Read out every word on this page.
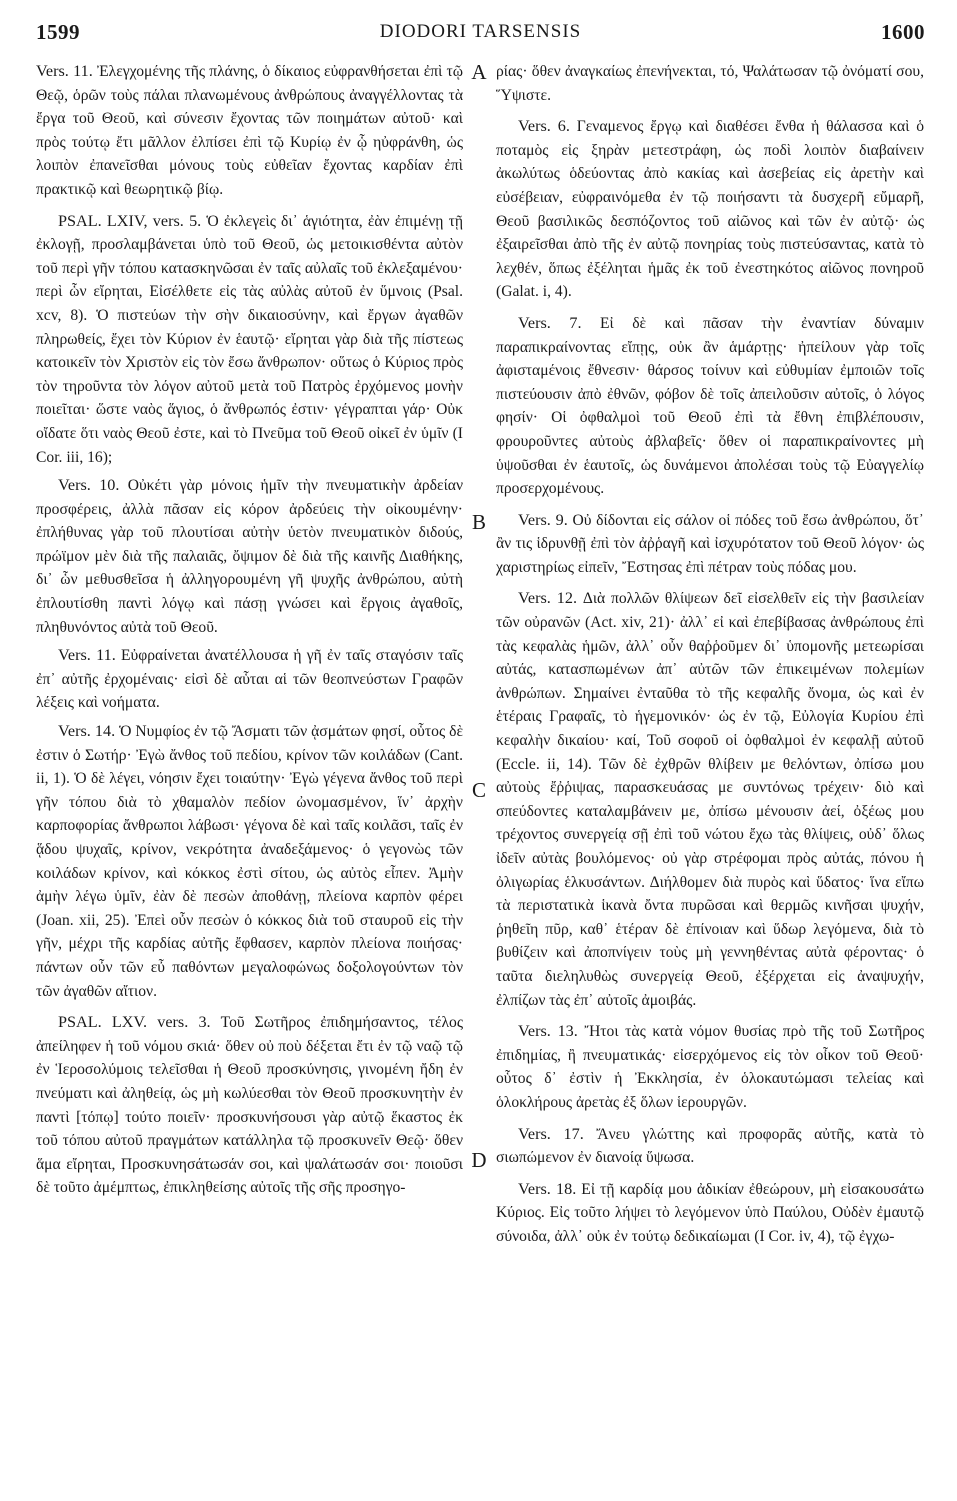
1599	DIODORI TARSENSIS	1600

Vers. 11. Ἐλεγχομένης τῆς πλάνης, ὁ δίκαιος εὐφρανθήσεται ἐπὶ τῷ Θεῷ, ὁρῶν τοὺς πάλαι πλανωμένους ἀνθρώπους ἀναγγέλλοντας τὰ ἔργα τοῦ Θεοῦ, καὶ σύνεσιν ἔχοντας τῶν ποιημάτων αὐτοῦ· καὶ πρὸς τούτῳ ἔτι μᾶλλον ἐλπίσει ἐπὶ τῷ Κυρίῳ ἐν ᾧ ηὐφράνθη, ὡς λοιπὸν ἐπανεῖσθαι μόνους τοὺς εὐθεῖαν ἔχοντας καρδίαν ἐπὶ πρακτικῷ καὶ θεωρητικῷ βίῳ.

PSAL. LXIV, vers. 5. Ὁ ἐκλεγεὶς δι᾽ ἁγιότητα, ἐὰν ἐπιμένῃ τῇ ἐκλογῇ, προσλαμβάνεται ὑπὸ τοῦ Θεοῦ, ὡς μετοικισθέντα αὐτὸν τοῦ περὶ γῆν τόπου κατασκηνῶσαι ἐν ταῖς αὐλαῖς τοῦ ἐκλεξαμένου· περὶ ὧν εἴρηται, Εἰσέλθετε εἰς τὰς αὐλὰς αὐτοῦ ἐν ὕμνοις (Psal. xcv, 8). Ὁ πιστεύων τὴν σὴν δικαιοσύνην, καὶ ἔργων ἀγαθῶν πληρωθείς, ἔχει τὸν Κύριον ἐν ἑαυτῷ· εἴρηται γὰρ διὰ τῆς πίστεως κατοικεῖν τὸν Χριστὸν εἰς τὸν ἔσω ἄνθρωπον· οὕτως ὁ Κύριος πρὸς τὸν τηροῦντα τὸν λόγον αὐτοῦ μετὰ τοῦ Πατρὸς ἐρχόμενος μονὴν ποιεῖται· ὥστε ναὸς ἅγιος, ὁ ἄνθρωπός ἐστιν· γέγραπται γάρ· Οὐκ οἴδατε ὅτι ναὸς Θεοῦ ἐστε, καὶ τὸ Πνεῦμα τοῦ Θεοῦ οἰκεῖ ἐν ὑμῖν (I Cor. iii, 16);

Vers. 10. Οὐκέτι γὰρ μόνοις ἡμῖν τὴν πνευματικὴν ἀρδείαν προσφέρεις, ἀλλὰ πᾶσαν εἰς κόρον ἀρδεύεις τὴν οἰκουμένην· ἐπλήθυνας γὰρ τοῦ πλουτίσαι αὐτὴν ὑετὸν πνευματικὸν διδούς, πρώϊμον μὲν διὰ τῆς παλαιᾶς, ὄψιμον δὲ διὰ τῆς καινῆς Διαθήκης, δι᾽ ὧν μεθυσθεῖσα ἡ ἀλληγορουμένη γῆ ψυχῆς ἀνθρώπου, αὐτὴ ἐπλουτίσθη παντὶ λόγῳ καὶ πάσῃ γνώσει καὶ ἔργοις ἀγαθοῖς, πληθυνόντος αὐτὰ τοῦ Θεοῦ.

Vers. 11. Εὐφραίνεται ἀνατέλλουσα ἡ γῆ ἐν ταῖς σταγόσιν ταῖς ἐπ᾽ αὐτῆς ἐρχομέναις· εἰσὶ δὲ αὗται αἱ τῶν θεοπνεύστων Γραφῶν λέξεις καὶ νοήματα.

Vers. 14. Ὁ Νυμφίος ἐν τῷ Ἄσματι τῶν ᾀσμάτων φησί, οὗτος δὲ ἐστιν ὁ Σωτήρ· Ἐγὼ ἄνθος τοῦ πεδίου, κρίνον τῶν κοιλάδων (Cant. ii, 1). Ὁ δὲ λέγει, νόησιν ἔχει τοιαύτην· Ἐγὼ γέγενα ἄνθος τοῦ περὶ γῆν τόπου διὰ τὸ χθαμαλὸν πεδίον ὠνομασμένον, ἵν᾽ ἀρχὴν καρποφορίας ἄνθρωποι λάβωσι· γέγονα δὲ καὶ ταῖς κοιλᾶσι, ταῖς ἐν ᾅδου ψυχαῖς, κρίνον, νεκρότητα ἀναδεξάμενος· ὁ γεγονὼς τῶν κοιλάδων κρίνον, καὶ κόκκος ἐστὶ σίτου, ὡς αὐτὸς εἶπεν. Ἀμὴν ἀμὴν λέγω ὑμῖν, ἐὰν δὲ πεσὼν ἀποθάνῃ, πλείονα καρπὸν φέρει (Joan. xii, 25). Ἐπεὶ οὖν πεσὼν ὁ κόκκος διὰ τοῦ σταυροῦ εἰς τὴν γῆν, μέχρι τῆς καρδίας αὐτῆς ἔφθασεν, καρπὸν πλείονα ποιήσας· πάντων οὖν τῶν εὖ παθόντων μεγαλοφώνως δοξολογούντων τὸν τῶν ἀγαθῶν αἴτιον.

PSAL. LXV. vers. 3. Τοῦ Σωτῆρος ἐπιδημήσαντος, τέλος ἀπείληφεν ἡ τοῦ νόμου σκιά· ὅθεν οὐ ποὺ δέξεται ἔτι ἐν τῷ ναῷ τῷ ἐν Ἱεροσολύμοις τελεῖσθαι ἡ Θεοῦ προσκύνησις, γινομένη ἤδη ἐν πνεύματι καὶ ἀληθείᾳ, ὡς μὴ κωλύεσθαι τὸν Θεοῦ προσκυνητὴν ἐν παντὶ [τόπῳ] τούτο ποιεῖν· προσκυνήσουσι γὰρ αὐτῷ ἕκαστος ἐκ τοῦ τόπου αὐτοῦ πραγμάτων κατάλληλα τῷ προσκυνεῖν Θεῷ· ὅθεν ἅμα εἴρηται, Προσκυνησάτωσάν σοι, καὶ ψαλάτωσάν σοι· ποιοῦσι δὲ τοῦτο ἀμέμπτως, ἐπικληθείσης αὐτοῖς τῆς σῆς προσηγο-

A
B
C
D

ρίας· ὅθεν ἀναγκαίως ἐπενήνεκται, τό, Ψαλάτωσαν τῷ ὀνόματί σου, Ὕψιστε.

Vers. 6. Γεναμενος ἔργῳ καὶ διαθέσει ἔνθα ἡ θάλασσα καὶ ὁ ποταμὸς εἰς ξηρὰν μετεστράφη, ὡς ποδὶ λοιπὸν διαβαίνειν ἀκωλύτως ὁδεύοντας ἀπὸ κακίας καὶ ἀσεβείας εἰς ἀρετὴν καὶ εὐσέβειαν, εὐφραινόμεθα ἐν τῷ ποιήσαντι τὰ δυσχερῆ εὔμαρῆ, Θεοῦ βασιλικῶς δεσπόζοντος τοῦ αἰῶνος καὶ τῶν ἐν αὐτῷ· ὡς ἐξαιρεῖσθαι ἀπὸ τῆς ἐν αὐτῷ πονηρίας τοὺς πιστεύσαντας, κατὰ τὸ λεχθέν, ὅπως ἐξέληται ἡμᾶς ἐκ τοῦ ἐνεστηκότος αἰῶνος πονηροῦ (Galat. i, 4).

Vers. 7. Εἰ δὲ καὶ πᾶσαν τὴν ἐναντίαν δύναμιν παραπικραίνοντας εἴπῃς, οὐκ ἂν ἁμάρτῃς· ἠπείλουν γὰρ τοῖς ἀφισταμένοις ἔθνεσιν· θάρσος τοίνυν καὶ εὐθυμίαν ἐμποιῶν τοῖς πιστεύουσιν ἀπὸ ἐθνῶν, φόβον δὲ τοῖς ἀπειλοῦσιν αὐτοῖς, ὁ λόγος φησίν· Οἱ ὀφθαλμοὶ τοῦ Θεοῦ ἐπὶ τὰ ἔθνη ἐπιβλέπουσιν, φρουροῦντες αὐτοὺς ἀβλαβεῖς· ὅθεν οἱ παραπικραίνοντες μὴ ὑψοῦσθαι ἐν ἑαυτοῖς, ὡς δυνάμενοι ἀπολέσαι τοὺς τῷ Εὐαγγελίῳ προσερχομένους.

Vers. 9. Οὐ δίδονται εἰς σάλον οἱ πόδες τοῦ ἔσω ἀνθρώπου, ὅτ᾽ ἂν τις ἱδρυνθῇ ἐπὶ τὸν ἀῤῥαγῆ καὶ ἰσχυρότατον τοῦ Θεοῦ λόγον· ὡς χαριστηρίως εἰπεῖν, Ἔστησας ἐπὶ πέτραν τοὺς πόδας μου.

Vers. 12. Διὰ πολλῶν θλίψεων δεῖ εἰσελθεῖν εἰς τὴν βασιλείαν τῶν οὐρανῶν (Act. xiv, 21)· ἀλλ᾽ εἰ καὶ ἐπεβίβασας ἀνθρώπους ἐπὶ τὰς κεφαλὰς ἡμῶν, ἀλλ᾽ οὖν θαῤῥοῦμεν δι᾽ ὑπομονῆς μετεωρίσαι αὐτάς, κατασπωμένων ἀπ᾽ αὐτῶν τῶν ἐπικειμένων πολεμίων ἀνθρώπων. Σημαίνει ἐνταῦθα τὸ τῆς κεφαλῆς ὄνομα, ὡς καὶ ἐν ἑτέραις Γραφαῖς, τὸ ἡγεμονικόν· ὡς ἐν τῷ, Εὐλογία Κυρίου ἐπὶ κεφαλὴν δικαίου· καί, Τοῦ σοφοῦ οἱ ὀφθαλμοὶ ἐν κεφαλῇ αὐτοῦ (Eccle. ii, 14). Τῶν δὲ ἐχθρῶν θλίβειν με θελόντων, ὀπίσω μου αὐτοὺς ἔῤῥιψας, παρασκευάσας με συντόνως τρέχειν· διὸ καὶ σπεύδοντες καταλαμβάνειν με, ὀπίσω μένουσιν ἀεί, ὀξέως μου τρέχοντος συνεργείᾳ σῇ ἐπὶ τοῦ νώτου ἔχω τὰς θλίψεις, οὐδ᾽ ὅλως ἰδεῖν αὐτὰς βουλόμενος· οὐ γὰρ στρέφομαι πρὸς αὐτάς, πόνου ἡ ὀλιγωρίας ἑλκυσάντων. Διήλθομεν διὰ πυρὸς καὶ ὕδατος· ἵνα εἴπω τὰ περιστατικὰ ἱκανὰ ὄντα πυρῶσαι καὶ θερμῶς κινῆσαι ψυχήν, ῥηθεῖη πῦρ, καθ᾽ ἑτέραν δὲ ἐπίνοιαν καὶ ὕδωρ λεγόμενα, διὰ τὸ βυθίζειν καὶ ἀποπνίγειν τοὺς μὴ γεννηθέντας αὐτὰ φέροντας· ὁ ταῦτα διεληλυθὼς συνεργείᾳ Θεοῦ, ἐξέρχεται εἰς ἀναψυχήν, ἐλπίζων τὰς ἐπ᾽ αὐτοῖς ἀμοιβάς.

Vers. 13. Ἤτοι τὰς κατὰ νόμον θυσίας πρὸ τῆς τοῦ Σωτῆρος ἐπιδημίας, ἢ πνευματικάς· εἰσερχόμενος εἰς τὸν οἶκον τοῦ Θεοῦ· οὗτος δ᾽ ἐστὶν ἡ Ἐκκλησία, ἐν ὁλοκαυτώμασι τελείας καὶ ὁλοκλήρους ἀρετὰς ἐξ ὅλων ἱερουργῶν.

Vers. 17. Ἄνευ γλώττης καὶ προφορᾶς αὐτῆς, κατὰ τὸ σιωπώμενον ἐν διανοίᾳ ὕψωσα.

Vers. 18. Εἰ τῇ καρδίᾳ μου ἀδικίαν ἐθεώρουν, μὴ εἰσακουσάτω Κύριος. Εἰς τοῦτο λήψει τὸ λεγόμενον ὑπὸ Παύλου, Οὐδὲν ἐμαυτῷ σύνοιδα, ἀλλ᾽ οὐκ ἐν τούτῳ δεδικαίωμαι (I Cor. iv, 4), τῷ ἐγχω-
